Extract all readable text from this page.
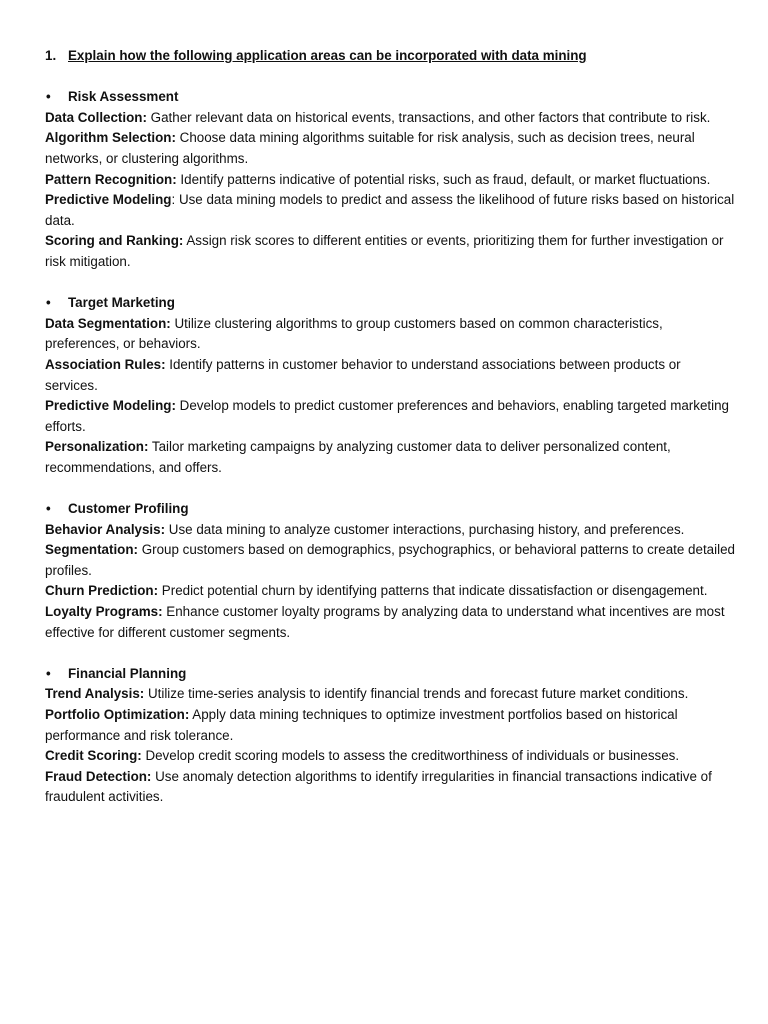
1. Explain how the following application areas can be incorporated with data mining

• Risk Assessment

Data Collection: Gather relevant data on historical events, transactions, and other factors that contribute to risk.

Algorithm Selection: Choose data mining algorithms suitable for risk analysis, such as decision trees, neural networks, or clustering algorithms.

Pattern Recognition: Identify patterns indicative of potential risks, such as fraud, default, or market fluctuations.

Predictive Modeling: Use data mining models to predict and assess the likelihood of future risks based on historical data.

Scoring and Ranking: Assign risk scores to different entities or events, prioritizing them for further investigation or risk mitigation.

• Target Marketing

Data Segmentation: Utilize clustering algorithms to group customers based on common characteristics, preferences, or behaviors.

Association Rules: Identify patterns in customer behavior to understand associations between products or services.

Predictive Modeling: Develop models to predict customer preferences and behaviors, enabling targeted marketing efforts.

Personalization: Tailor marketing campaigns by analyzing customer data to deliver personalized content, recommendations, and offers.

• Customer Profiling

Behavior Analysis: Use data mining to analyze customer interactions, purchasing history, and preferences.

Segmentation: Group customers based on demographics, psychographics, or behavioral patterns to create detailed profiles.

Churn Prediction: Predict potential churn by identifying patterns that indicate dissatisfaction or disengagement.

Loyalty Programs: Enhance customer loyalty programs by analyzing data to understand what incentives are most effective for different customer segments.

• Financial Planning

Trend Analysis: Utilize time-series analysis to identify financial trends and forecast future market conditions.

Portfolio Optimization: Apply data mining techniques to optimize investment portfolios based on historical performance and risk tolerance.

Credit Scoring: Develop credit scoring models to assess the creditworthiness of individuals or businesses.

Fraud Detection: Use anomaly detection algorithms to identify irregularities in financial transactions indicative of fraudulent activities.
